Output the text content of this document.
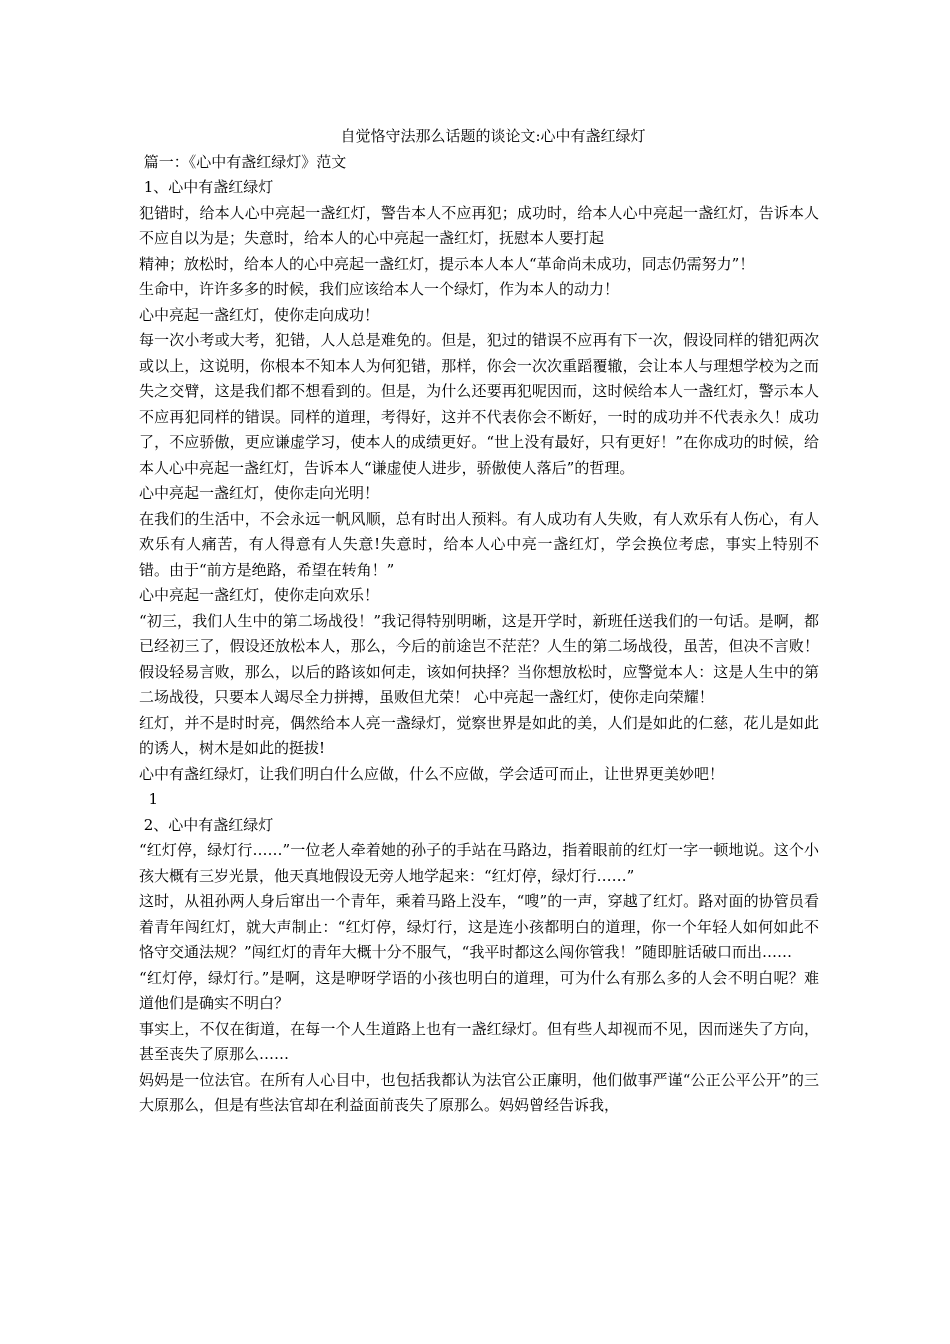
自觉恪守法那么话题的谈论文:心中有盏红绿灯
篇一：《心中有盏红绿灯》范文
1、心中有盏红绿灯
犯错时，给本人心中亮起一盏红灯，警告本人不应再犯；成功时，给本人心中亮起一盏红灯，告诉本人不应自以为是；失意时，给本人的心中亮起一盏红灯，抚慰本人要打起
精神；放松时，给本人的心中亮起一盏红灯，提示本人本人“革命尚未成功，同志仍需努力”！
生命中，许许多多的时候，我们应该给本人一个绿灯，作为本人的动力！
心中亮起一盏红灯，使你走向成功！
每一次小考或大考，犯错，人人总是难免的。但是，犯过的错误不应再有下一次，假设同样的错犯两次或以上，这说明，你根本不知本人为何犯错，那样，你会一次次重蹈覆辙，会让本人与理想学校为之而失之交臂，这是我们都不想看到的。但是，为什么还要再犯呢因而，这时候给本人一盏红灯，警示本人不应再犯同样的错误。同样的道理，考得好，这并不代表你会不断好，一时的成功并不代表永久！成功了，不应骄傲，更应谦虚学习，使本人的成绩更好。“世上没有最好，只有更好！”在你成功的时候，给本人心中亮起一盏红灯，告诉本人“谦虚使人进步，骄傲使人落后”的哲理。
心中亮起一盏红灯，使你走向光明！
在我们的生活中，不会永远一帆风顺，总有时出人预料。有人成功有人失败，有人欢乐有人伤心，有人欢乐有人痛苦，有人得意有人失意!失意时，给本人心中亮一盏红灯，学会换位考虑，事实上特别不错。由于“前方是绝路，希望在转角！”
心中亮起一盏红灯，使你走向欢乐！
“初三，我们人生中的第二场战役！”我记得特别明晰，这是开学时，新班任送我们的一句话。是啊，都已经初三了，假设还放松本人，那么，今后的前途岂不茫茫？人生的第二场战役，虽苦，但决不言败！假设轻易言败，那么，以后的路该如何走，该如何抉择？当你想放松时，应警觉本人：这是人生中的第二场战役，只要本人竭尽全力拼搏，虽败但尤荣！ 心中亮起一盏红灯，使你走向荣耀！
红灯，并不是时时亮，偶然给本人亮一盏绿灯，觉察世界是如此的美，人们是如此的仁慈，花儿是如此的诱人，树木是如此的挺拔!
心中有盏红绿灯，让我们明白什么应做，什么不应做，学会适可而止，让世界更美妙吧！
1
2、心中有盏红绿灯
“红灯停，绿灯行……”一位老人牵着她的孙子的手站在马路边，指着眼前的红灯一字一顿地说。这个小孩大概有三岁光景，他天真地假设无旁人地学起来：“红灯停，绿灯行……”
这时，从祖孙两人身后窜出一个青年，乘着马路上没车，“嗖”的一声，穿越了红灯。路对面的协管员看着青年闯红灯，就大声制止：“红灯停，绿灯行，这是连小孩都明白的道理，你一个年轻人如何如此不恪守交通法规？”闯红灯的青年大概十分不服气，“我平时都这么闯你管我！”随即脏话破口而出……
“红灯停，绿灯行。”是啊，这是咿呀学语的小孩也明白的道理，可为什么有那么多的人会不明白呢？难道他们是确实不明白？
事实上，不仅在街道，在每一个人生道路上也有一盏红绿灯。但有些人却视而不见，因而迷失了方向，甚至丧失了原那么……
妈妈是一位法官。在所有人心目中，也包括我都认为法官公正廉明，他们做事严谨“公正公平公开”的三大原那么，但是有些法官却在利益面前丧失了原那么。妈妈曾经告诉我，
